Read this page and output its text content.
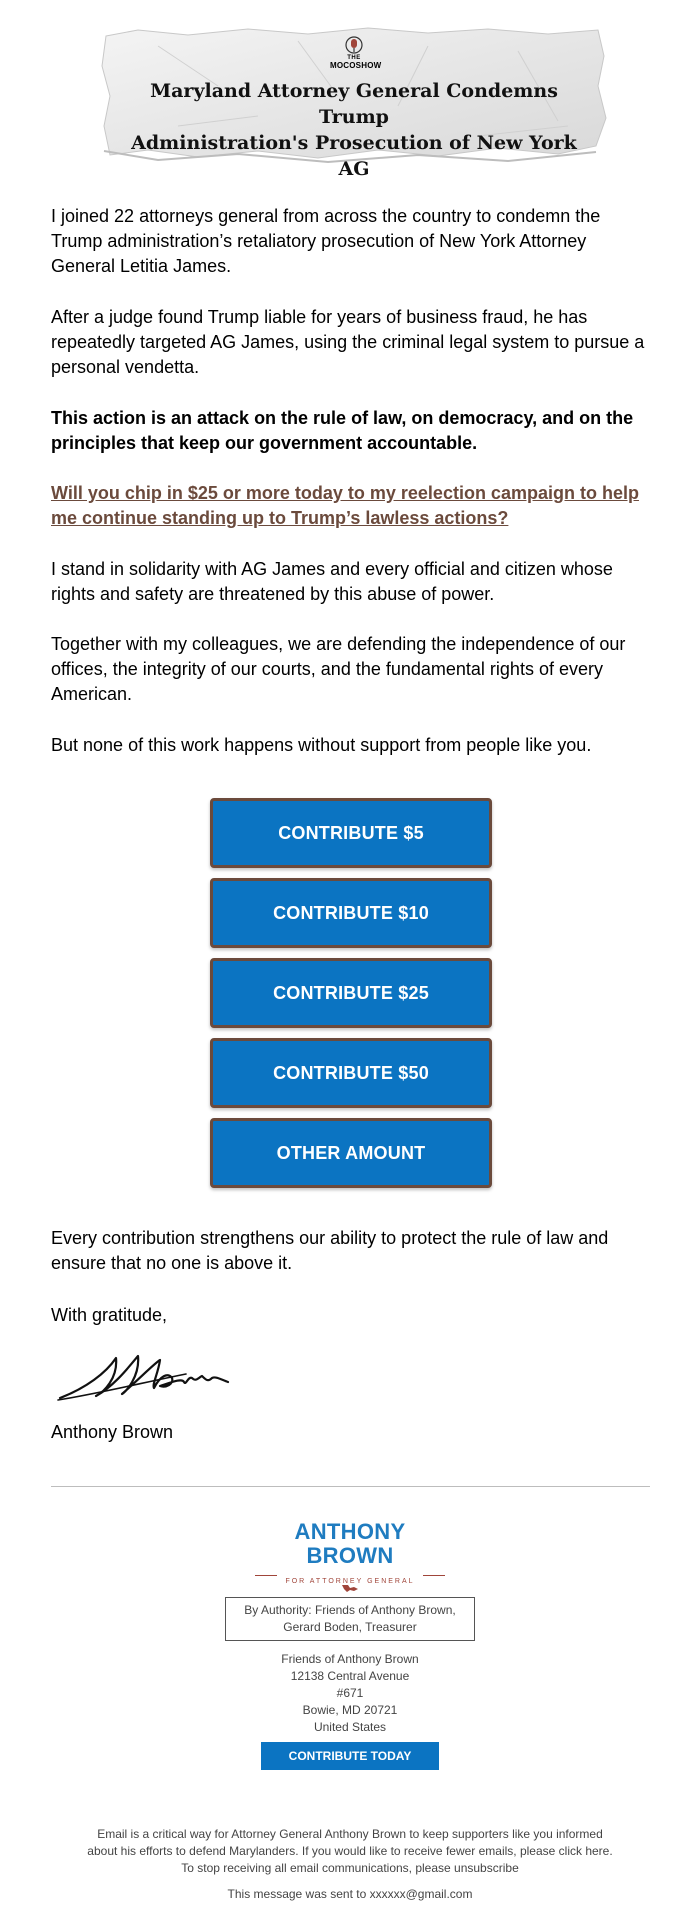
THE
MOCOSHOW
Maryland Attorney General Condemns Trump
Administration's Prosecution of New York AG
I joined 22 attorneys general from across the country to condemn the Trump administration’s retaliatory prosecution of New York Attorney General Letitia James.
After a judge found Trump liable for years of business fraud, he has repeatedly targeted AG James, using the criminal legal system to pursue a personal vendetta.
This action is an attack on the rule of law, on democracy, and on the principles that keep our government accountable.
Will you chip in $25 or more today to my reelection campaign to help me continue standing up to Trump’s lawless actions?
I stand in solidarity with AG James and every official and citizen whose rights and safety are threatened by this abuse of power.
Together with my colleagues, we are defending the independence of our offices, the integrity of our courts, and the fundamental rights of every American.
But none of this work happens without support from people like you.
CONTRIBUTE $5
CONTRIBUTE $10
CONTRIBUTE $25
CONTRIBUTE $50
OTHER AMOUNT
Every contribution strengthens our ability to protect the rule of law and ensure that no one is above it.
With gratitude,
Anthony Brown
ANTHONY BROWN
FOR ATTORNEY GENERAL
By Authority: Friends of Anthony Brown,
Gerard Boden, Treasurer
Friends of Anthony Brown
12138 Central Avenue
#671
Bowie, MD 20721
United States
CONTRIBUTE TODAY
Email is a critical way for Attorney General Anthony Brown to keep supporters like you informed
about his efforts to defend Marylanders. If you would like to receive fewer emails, please click here.
To stop receiving all email communications, please unsubscribe
This message was sent to xxxxxx@gmail.com
